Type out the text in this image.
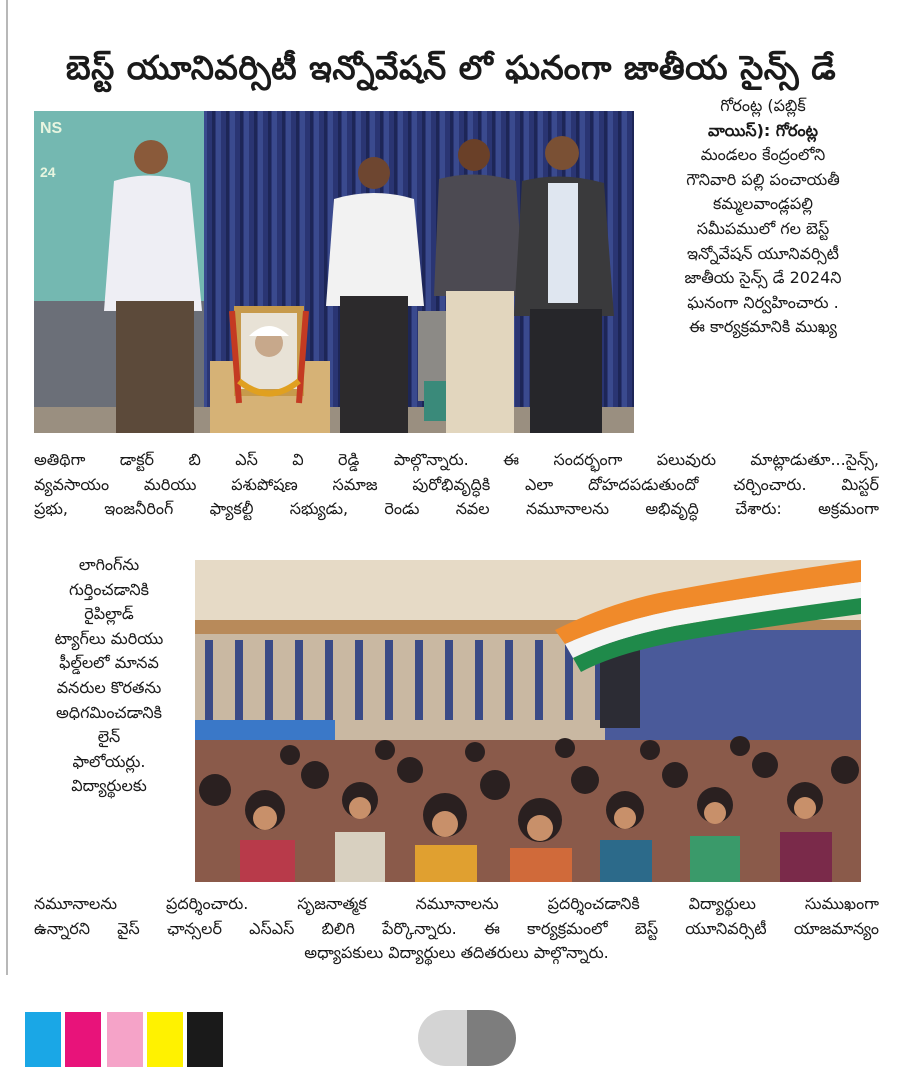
బెస్ట్ యూనివర్సిటీ ఇన్నోవేషన్ లో ఘనంగా జాతీయ సైన్స్ డే
NS
24

గోరంట్ల (పబ్లిక్

వాయిస్): గోరంట్ల

మండలం కేంద్రంలోని

గౌనివారి పల్లి పంచాయతీ

కమ్మలవాండ్లపల్లి

సమీపములో గల బెస్ట్

ఇన్నోవేషన్ యూనివర్సిటీ

జాతీయ సైన్స్ డే 2024ని

ఘనంగా నిర్వహించారు .

ఈ కార్యక్రమానికి ముఖ్య

అతిథిగా డాక్టర్ బి ఎస్ వి రెడ్డి పాల్గొన్నారు. ఈ సందర్భంగా పలువురు మాట్లాడుతూ...సైన్స్,

వ్యవసాయం మరియు పశుపోషణ సమాజ పురోభివృద్ధికి ఎలా దోహదపడుతుందో చర్చించారు. మిస్టర్

ప్రభు, ఇంజనీరింగ్ ఫ్యాకల్టీ సభ్యుడు, రెండు నవల నమూనాలను అభివృద్ధి చేశారు: అక్రమంగా

లాగింగ్‌ను

గుర్తించడానికి

రైపిల్లాడ్

ట్యాగ్‌లు మరియు

ఫీల్డ్‌లలో మానవ

వనరుల కొరతను

అధిగమించడానికి

లైన్

ఫాలోయర్లు.

విద్యార్థులకు

నమూనాలను ప్రదర్శించారు. సృజనాత్మక నమూనాలను ప్రదర్శించడానికి విద్యార్థులు సుముఖంగా

ఉన్నారని వైస్ ఛాన్సలర్ ఎస్ఎస్ బిలిగి పేర్కొన్నారు. ఈ కార్యక్రమంలో బెస్ట్ యూనివర్సిటీ యాజమాన్యం

అధ్యాపకులు విద్యార్థులు తదితరులు పాల్గొన్నారు.
